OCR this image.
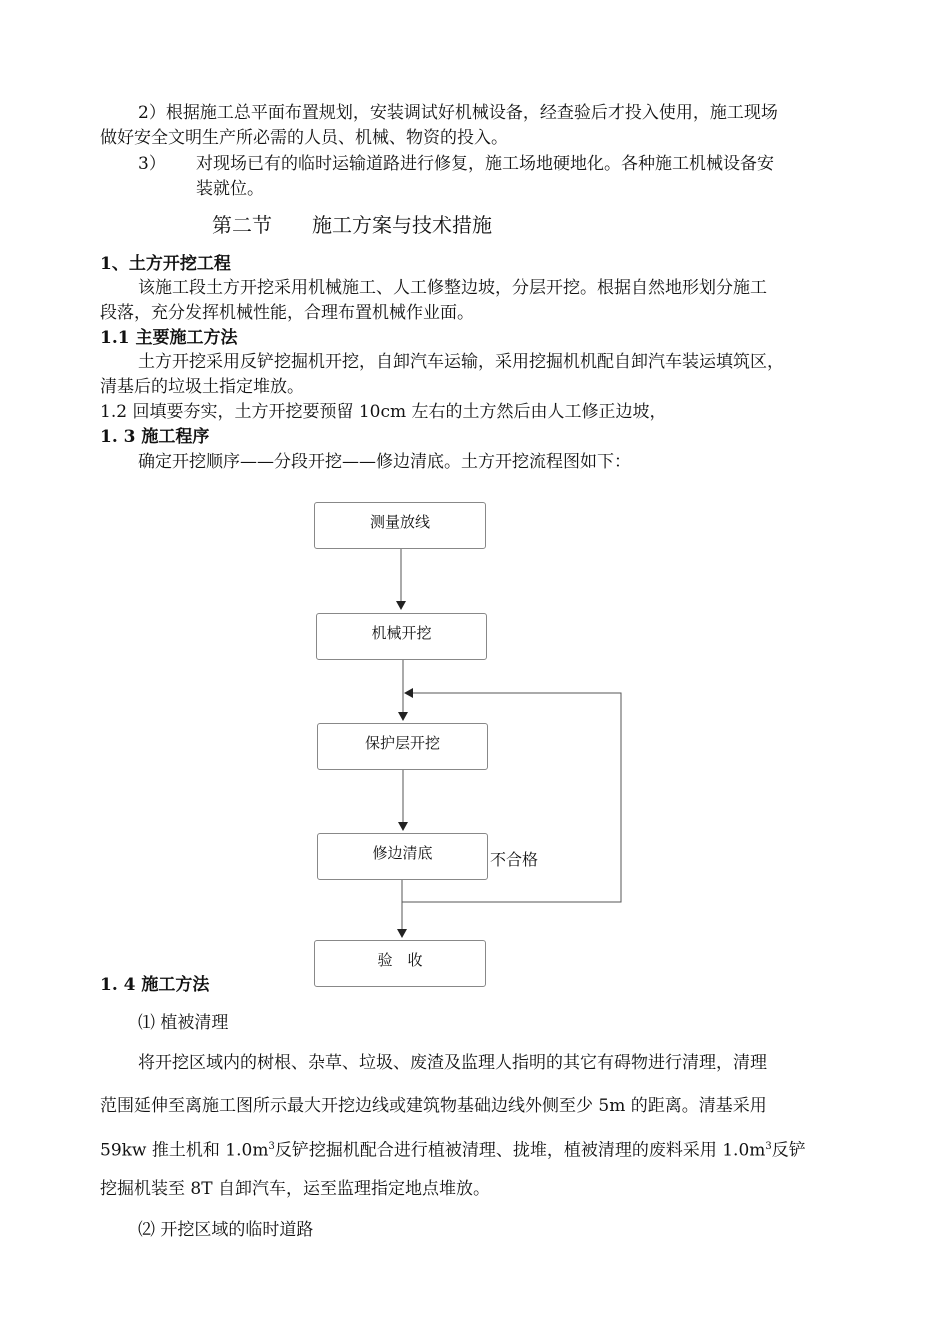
2）根据施工总平面布置规划，安装调试好机械设备，经查验后才投入使用，施工现场
做好安全文明生产所必需的人员、机械、物资的投入。
3） 对现场已有的临时运输道路进行修复，施工场地硬地化。各种施工机械设备安
装就位。
第二节　　施工方案与技术措施
1、土方开挖工程
该施工段土方开挖采用机械施工、人工修整边坡，分层开挖。根据自然地形划分施工
段落，充分发挥机械性能，合理布置机械作业面。
1.1 主要施工方法
土方开挖采用反铲挖掘机开挖，自卸汽车运输，采用挖掘机机配自卸汽车装运填筑区，
清基后的垃圾土指定堆放。
1.2 回填要夯实，土方开挖要预留 10cm 左右的土方然后由人工修正边坡，
1. 3 施工程序
确定开挖顺序——分段开挖——修边清底。土方开挖流程图如下：
测量放线
机械开挖
保护层开挖
修边清底
验　收
不合格
1. 4 施工方法
⑴ 植被清理
将开挖区域内的树根、杂草、垃圾、废渣及监理人指明的其它有碍物进行清理，清理
范围延伸至离施工图所示最大开挖边线或建筑物基础边线外侧至少 5m 的距离。清基采用
59kw 推土机和 $1.0m^3$反铲挖掘机配合进行植被清理、拢堆，植被清理的废料采用 $1.0m^3$反铲
挖掘机装至 8T 自卸汽车，运至监理指定地点堆放。
⑵ 开挖区域的临时道路
